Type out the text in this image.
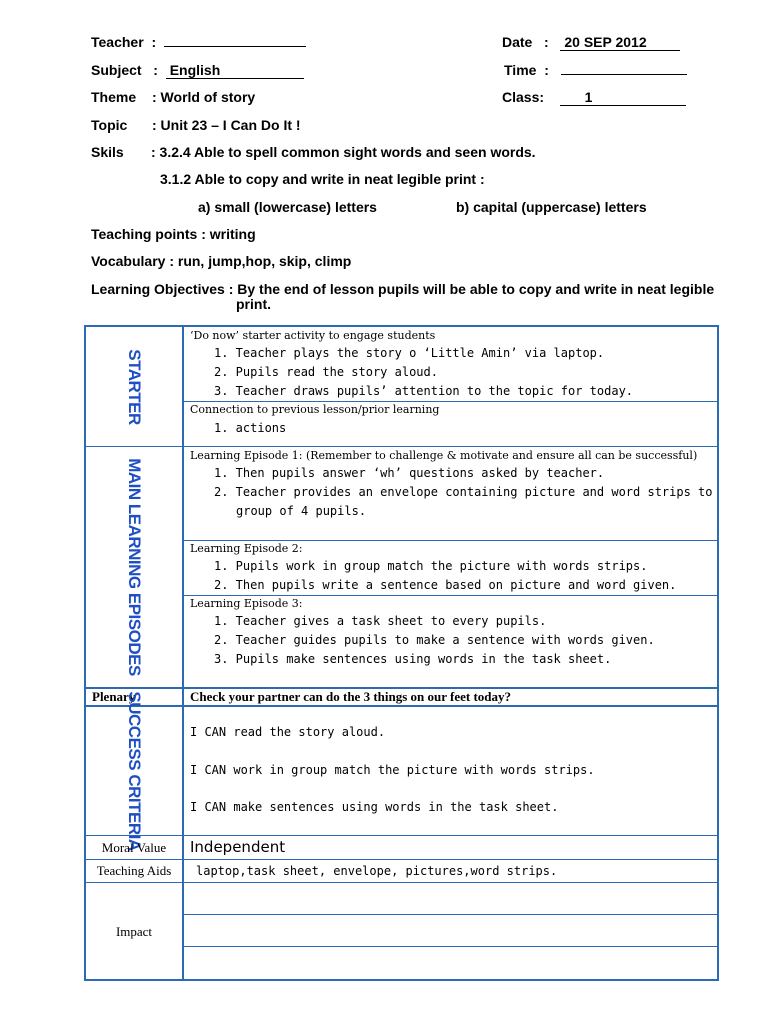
Teacher  :	Date   :   20 SEP 2012
Subject   :  English	Time  :
Theme : World of story	Class:	1
Topic : Unit 23 – I Can Do It !
Skils : 3.2.4 Able to spell common sight words and seen words.
3.1.2 Able to copy and write in neat legible print :
a) small (lowercase) letters	b) capital (uppercase) letters
Teaching points : writing
Vocabulary : run, jump,hop, skip, climp
Learning Objectives : By the end of lesson pupils will be able to copy and write in neat legible
print.
STARTER
‘Do now’ starter activity to engage students
1. Teacher plays the story o ‘Little Amin’ via laptop.
2. Pupils read the story aloud.
3. Teacher draws pupils’ attention to the topic for today.
Connection to previous lesson/prior learning
1. actions
MAIN LEARNING EPISODES
Learning Episode 1: (Remember to challenge & motivate and ensure all can be successful)
1. Then pupils answer ‘wh’ questions asked by teacher.
2. Teacher provides an envelope containing picture and word strips to
group of 4 pupils.
Learning Episode 2:
1. Pupils work in group match the picture with words strips.
2. Then pupils write a sentence based on picture and word given.
Learning Episode 3:
1. Teacher gives a task sheet to every pupils.
2. Teacher guides pupils to make a sentence with words given.
3. Pupils make sentences using words in the task sheet.
Plenary	Check your partner can do the 3 things on our feet today?
SUCCESS CRITERIA	I CAN read the story aloud.
I CAN work in group match the picture with words strips.
I CAN make sentences using words in the task sheet.
Moral Value	Independent
Teaching Aids	laptop,task sheet, envelope, pictures,word strips.
Impact
